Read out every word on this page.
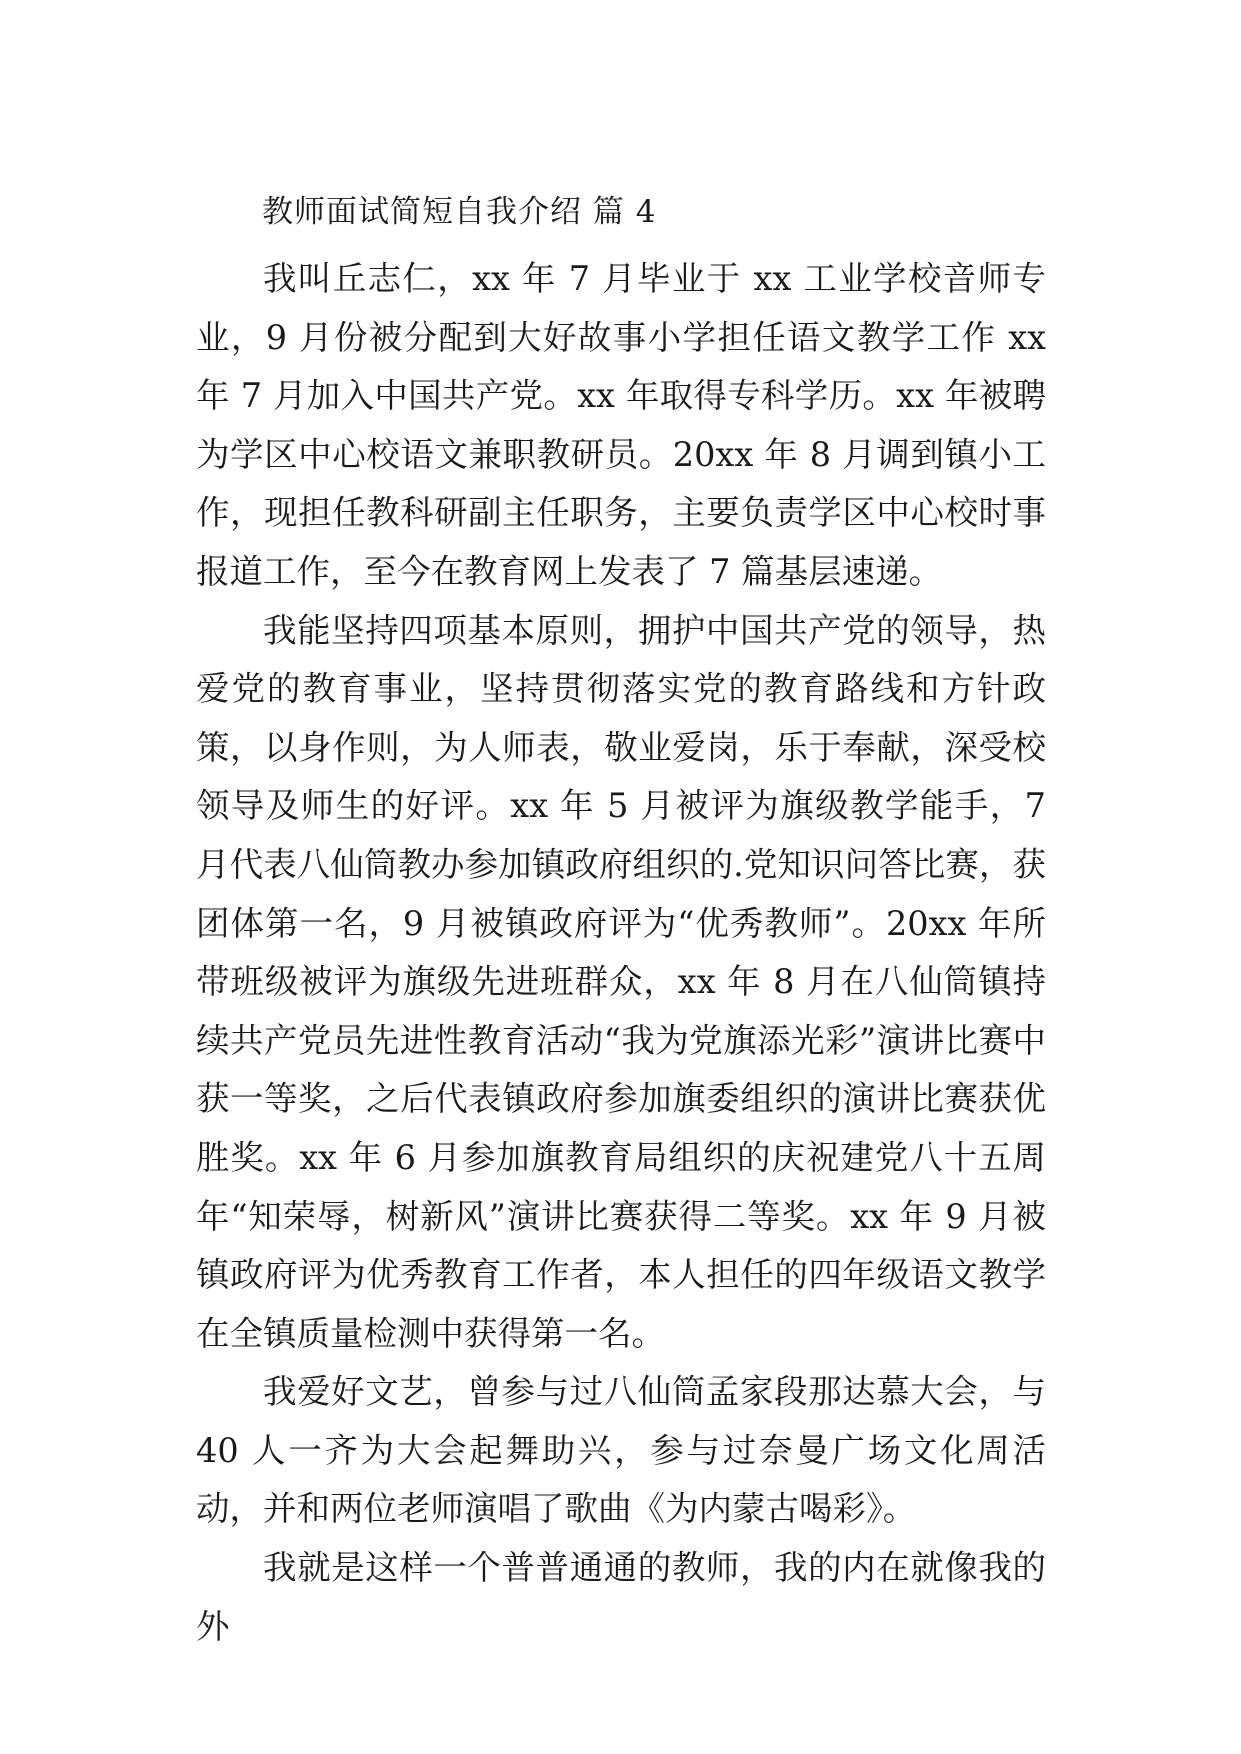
教师面试简短自我介绍 篇 4

我叫丘志仁，xx 年 7 月毕业于 xx 工业学校音师专业，9 月份被分配到大好故事小学担任语文教学工作 xx 年 7 月加入中国共产党。xx 年取得专科学历。xx 年被聘为学区中心校语文兼职教研员。20xx 年 8 月调到镇小工作，现担任教科研副主任职务，主要负责学区中心校时事报道工作，至今在教育网上发表了 7 篇基层速递。

我能坚持四项基本原则，拥护中国共产党的领导，热爱党的教育事业，坚持贯彻落实党的教育路线和方针政策，以身作则，为人师表，敬业爱岗，乐于奉献，深受校领导及师生的好评。xx 年 5 月被评为旗级教学能手，7 月代表八仙筒教办参加镇政府组织的.党知识问答比赛，获团体第一名，9 月被镇政府评为“优秀教师”。20xx 年所带班级被评为旗级先进班群众，xx 年 8 月在八仙筒镇持续共产党员先进性教育活动“我为党旗添光彩”演讲比赛中获一等奖，之后代表镇政府参加旗委组织的演讲比赛获优胜奖。xx 年 6 月参加旗教育局组织的庆祝建党八十五周年“知荣辱，树新风”演讲比赛获得二等奖。xx 年 9 月被镇政府评为优秀教育工作者，本人担任的四年级语文教学在全镇质量检测中获得第一名。

我爱好文艺，曾参与过八仙筒孟家段那达慕大会，与 40 人一齐为大会起舞助兴，参与过奈曼广场文化周活动，并和两位老师演唱了歌曲《为内蒙古喝彩》。

我就是这样一个普普通通的教师，我的内在就像我的外
